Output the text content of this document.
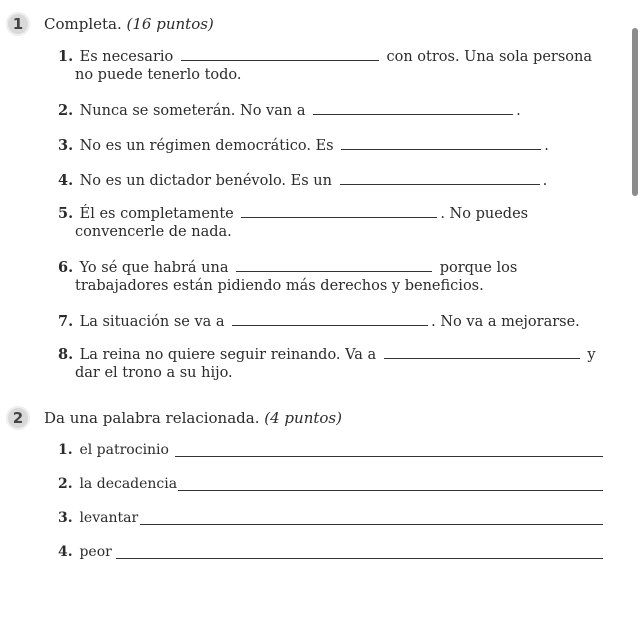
1	Completa. (16 puntos)
1. Es necesario	con otros. Una sola persona
no puede tenerlo todo.
2. Nunca se someterán. No van a	.
3. No es un régimen democrático. Es	.
4. No es un dictador benévolo. Es un	.
5. Él es completamente	. No puedes
convencerle de nada.
6. Yo sé que habrá una	porque los
trabajadores están pidiendo más derechos y beneficios.
7. La situación se va a	. No va a mejorarse.
8. La reina no quiere seguir reinando. Va a	y
dar el trono a su hijo.
2	Da una palabra relacionada. (4 puntos)
1. el patrocinio
2. la decadencia
3. levantar
4. peor
